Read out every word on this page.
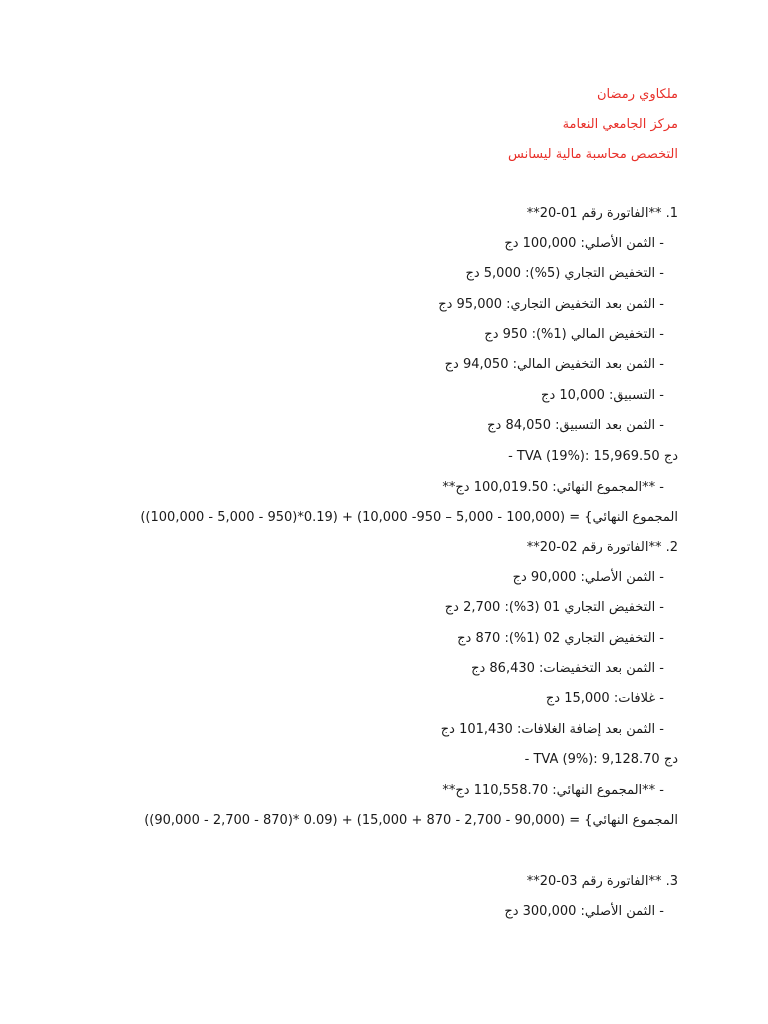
ملكاوي رمضان
مركز الجامعي النعامة
التخصص محاسبة مالية ليسانس
1. **الفاتورة رقم 01-20**
- الثمن الأصلي: 100,000 دج
- التخفيض التجاري (5%): 5,000 دج
- الثمن بعد التخفيض التجاري: 95,000 دج
- التخفيض المالي (1%): 950 دج
- الثمن بعد التخفيض المالي: 94,050 دج
- التسبيق: 10,000 دج
- الثمن بعد التسبيق: 84,050 دج
- TVA (19%): 15,969.50 دج
- **المجموع النهائي: 100,019.50 دج**
المجموع النهائي} = (100,000 - 5,000 – 950- 10,000) + (0.19*(950 - 5,000 - 100,000))
2. **الفاتورة رقم 02-20**
- الثمن الأصلي: 90,000 دج
- التخفيض التجاري 01 (3%): 2,700 دج
- التخفيض التجاري 02 (1%): 870 دج
- الثمن بعد التخفيضات: 86,430 دج
- غلافات: 15,000 دج
- الثمن بعد إضافة الغلافات: 101,430 دج
- TVA (9%): 9,128.70 دج
- **المجموع النهائي: 110,558.70 دج**
المجموع النهائي} = (90,000 - 2,700 - 870 + 15,000) + (0.09 *(870 - 2,700 - 90,000))
3. **الفاتورة رقم 03-20**
- الثمن الأصلي: 300,000 دج
